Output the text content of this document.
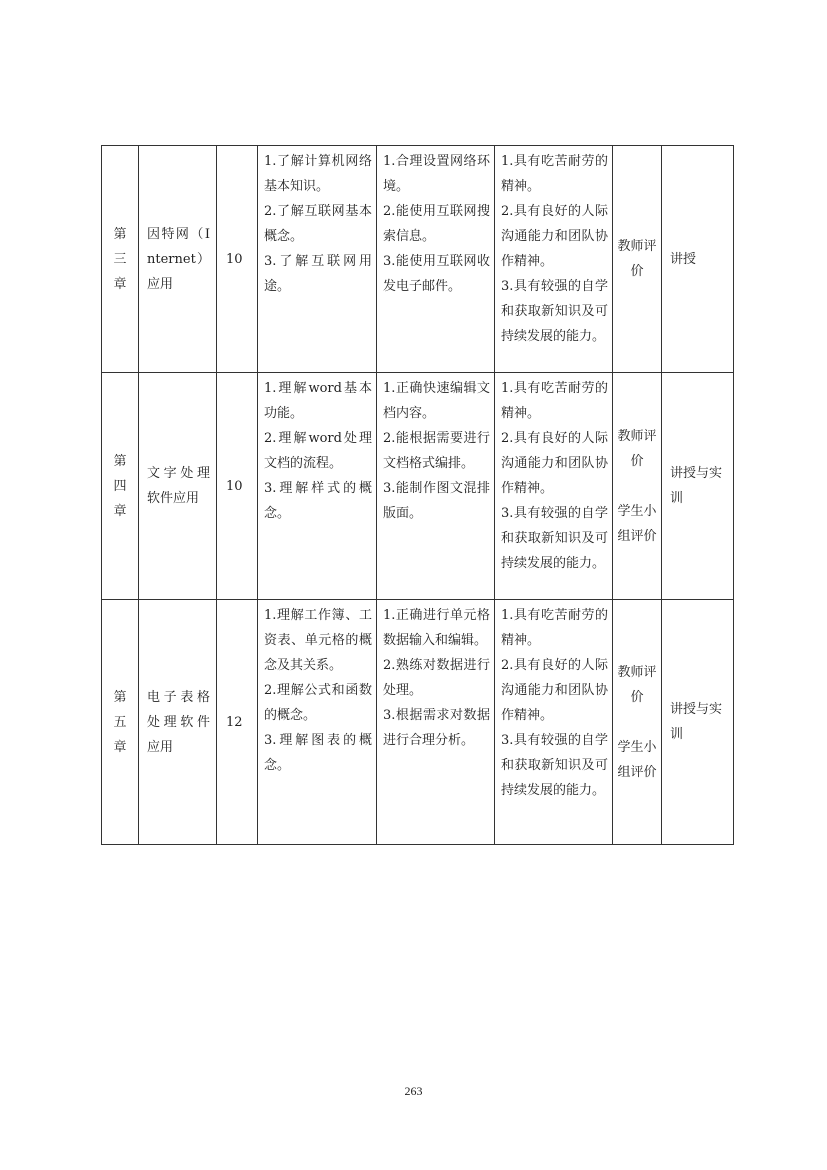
第
三
章	因特网（Internet）应用	10	1.了解计算机网络基本知识。
2.了解互联网基本概念。
3.了解互联网用途。	1.合理设置网络环境。
2.能使用互联网搜索信息。
3.能使用互联网收发电子邮件。	1.具有吃苦耐劳的精神。
2.具有良好的人际沟通能力和团队协作精神。
3.具有较强的自学和获取新知识及可持续发展的能力。	教师评价	讲授

第
四
章	文字处理软件应用	10	1.理解word基本功能。
2.理解word处理文档的流程。
3.理解样式的概念。	1.正确快速编辑文档内容。
2.能根据需要进行文档格式编排。
3.能制作图文混排版面。	1.具有吃苦耐劳的精神。
2.具有良好的人际沟通能力和团队协作精神。
3.具有较强的自学和获取新知识及可持续发展的能力。	教师评价
学生小组评价	讲授与实训

第
五
章	电子表格处理软件应用	12	1.理解工作簿、工资表、单元格的概念及其关系。
2.理解公式和函数的概念。
3.理解图表的概念。	1.正确进行单元格数据输入和编辑。
2.熟练对数据进行处理。
3.根据需求对数据进行合理分析。	1.具有吃苦耐劳的精神。
2.具有良好的人际沟通能力和团队协作精神。
3.具有较强的自学和获取新知识及可持续发展的能力。	教师评价
学生小组评价	讲授与实训
263
